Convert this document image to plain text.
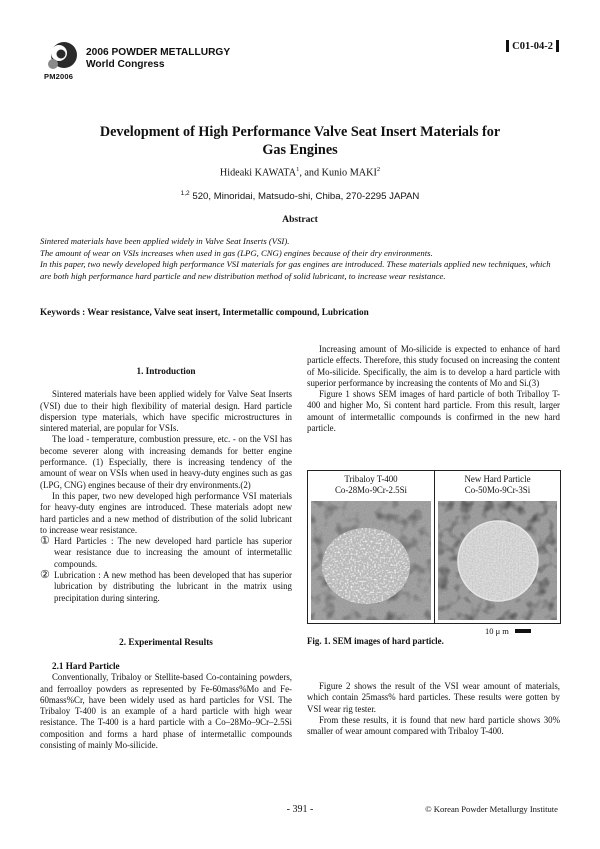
PM2006
2006 POWDER METALLURGY
World Congress
C01-04-2
Development of High Performance Valve Seat Insert Materials for
Gas Engines
Hideaki KAWATA$^1$, and Kunio MAKI$^2$
$^{1,2}$ 520, Minoridai, Matsudo-shi, Chiba, 270-2295 JAPAN
Abstract

Sintered materials have been applied widely in Valve Seat Inserts (VSI).

The amount of wear on VSIs increases when used in gas (LPG, CNG) engines because of their dry environments.

In this paper, two newly developed high performance VSI materials for gas engines are introduced. These materials applied new techniques, which are both high performance hard particle and new distribution method of solid lubricant, to increase wear resistance.

Keywords : Wear resistance, Valve seat insert, Intermetallic compound, Lubrication
1. Introduction

Sintered materials have been applied widely for Valve Seat Inserts (VSI) due to their high flexibility of material design. Hard particle dispersion type materials, which have specific microstructures in sintered material, are popular for VSIs.

The load - temperature, combustion pressure, etc. - on the VSI has become severer along with increasing demands for better engine performance. (1) Especially, there is increasing tendency of the amount of wear on VSIs when used in heavy-duty engines such as gas (LPG, CNG) engines because of their dry environments.(2)

In this paper, two new developed high performance VSI materials for heavy-duty engines are introduced. These materials adopt new hard particles and a new method of distribution of the solid lubricant to increase wear resistance.

① Hard Particles : The new developed hard particle has superior wear resistance due to increasing the amount of intermetallic compounds.
② Lubrication : A new method has been developed that has superior lubrication by distributing the lubricant in the matrix using precipitation during sintering.
2. Experimental Results
2.1 Hard Particle

Conventionally, Tribaloy or Stellite-based Co-containing powders, and ferroalloy powders as represented by Fe-60mass%Mo and Fe-60mass%Cr, have been widely used as hard particles for VSI. The Tribaloy T-400 is an example of a hard particle with high wear resistance. The T-400 is a hard particle with a Co–28Mo–9Cr–2.5Si composition and forms a hard phase of intermetallic compounds consisting of mainly Mo-silicide.

Increasing amount of Mo-silicide is expected to enhance of hard particle effects. Therefore, this study focused on increasing the content of Mo-silicide. Specifically, the aim is to develop a hard particle with superior performance by increasing the contents of Mo and Si.(3)

Figure 1 shows SEM images of hard particle of both Triballoy T-400 and higher Mo, Si content hard particle. From this result, larger amount of intermetallic compounds is confirmed in the new hard particle.

Tribaloy T-400
Co-28Mo-9Cr-2.5Si
New Hard Particle
Co-50Mo-9Cr-3Si
10 μ m
Fig. 1. SEM images of hard particle.

Figure 2 shows the result of the VSI wear amount of materials, which contain 25mass% hard particles. These results were gotten by VSI wear rig tester.

From these results, it is found that new hard particle shows 30% smaller of wear amount compared with Tribaloy T-400.

- 391 -	© Korean Powder Metallurgy Institute
